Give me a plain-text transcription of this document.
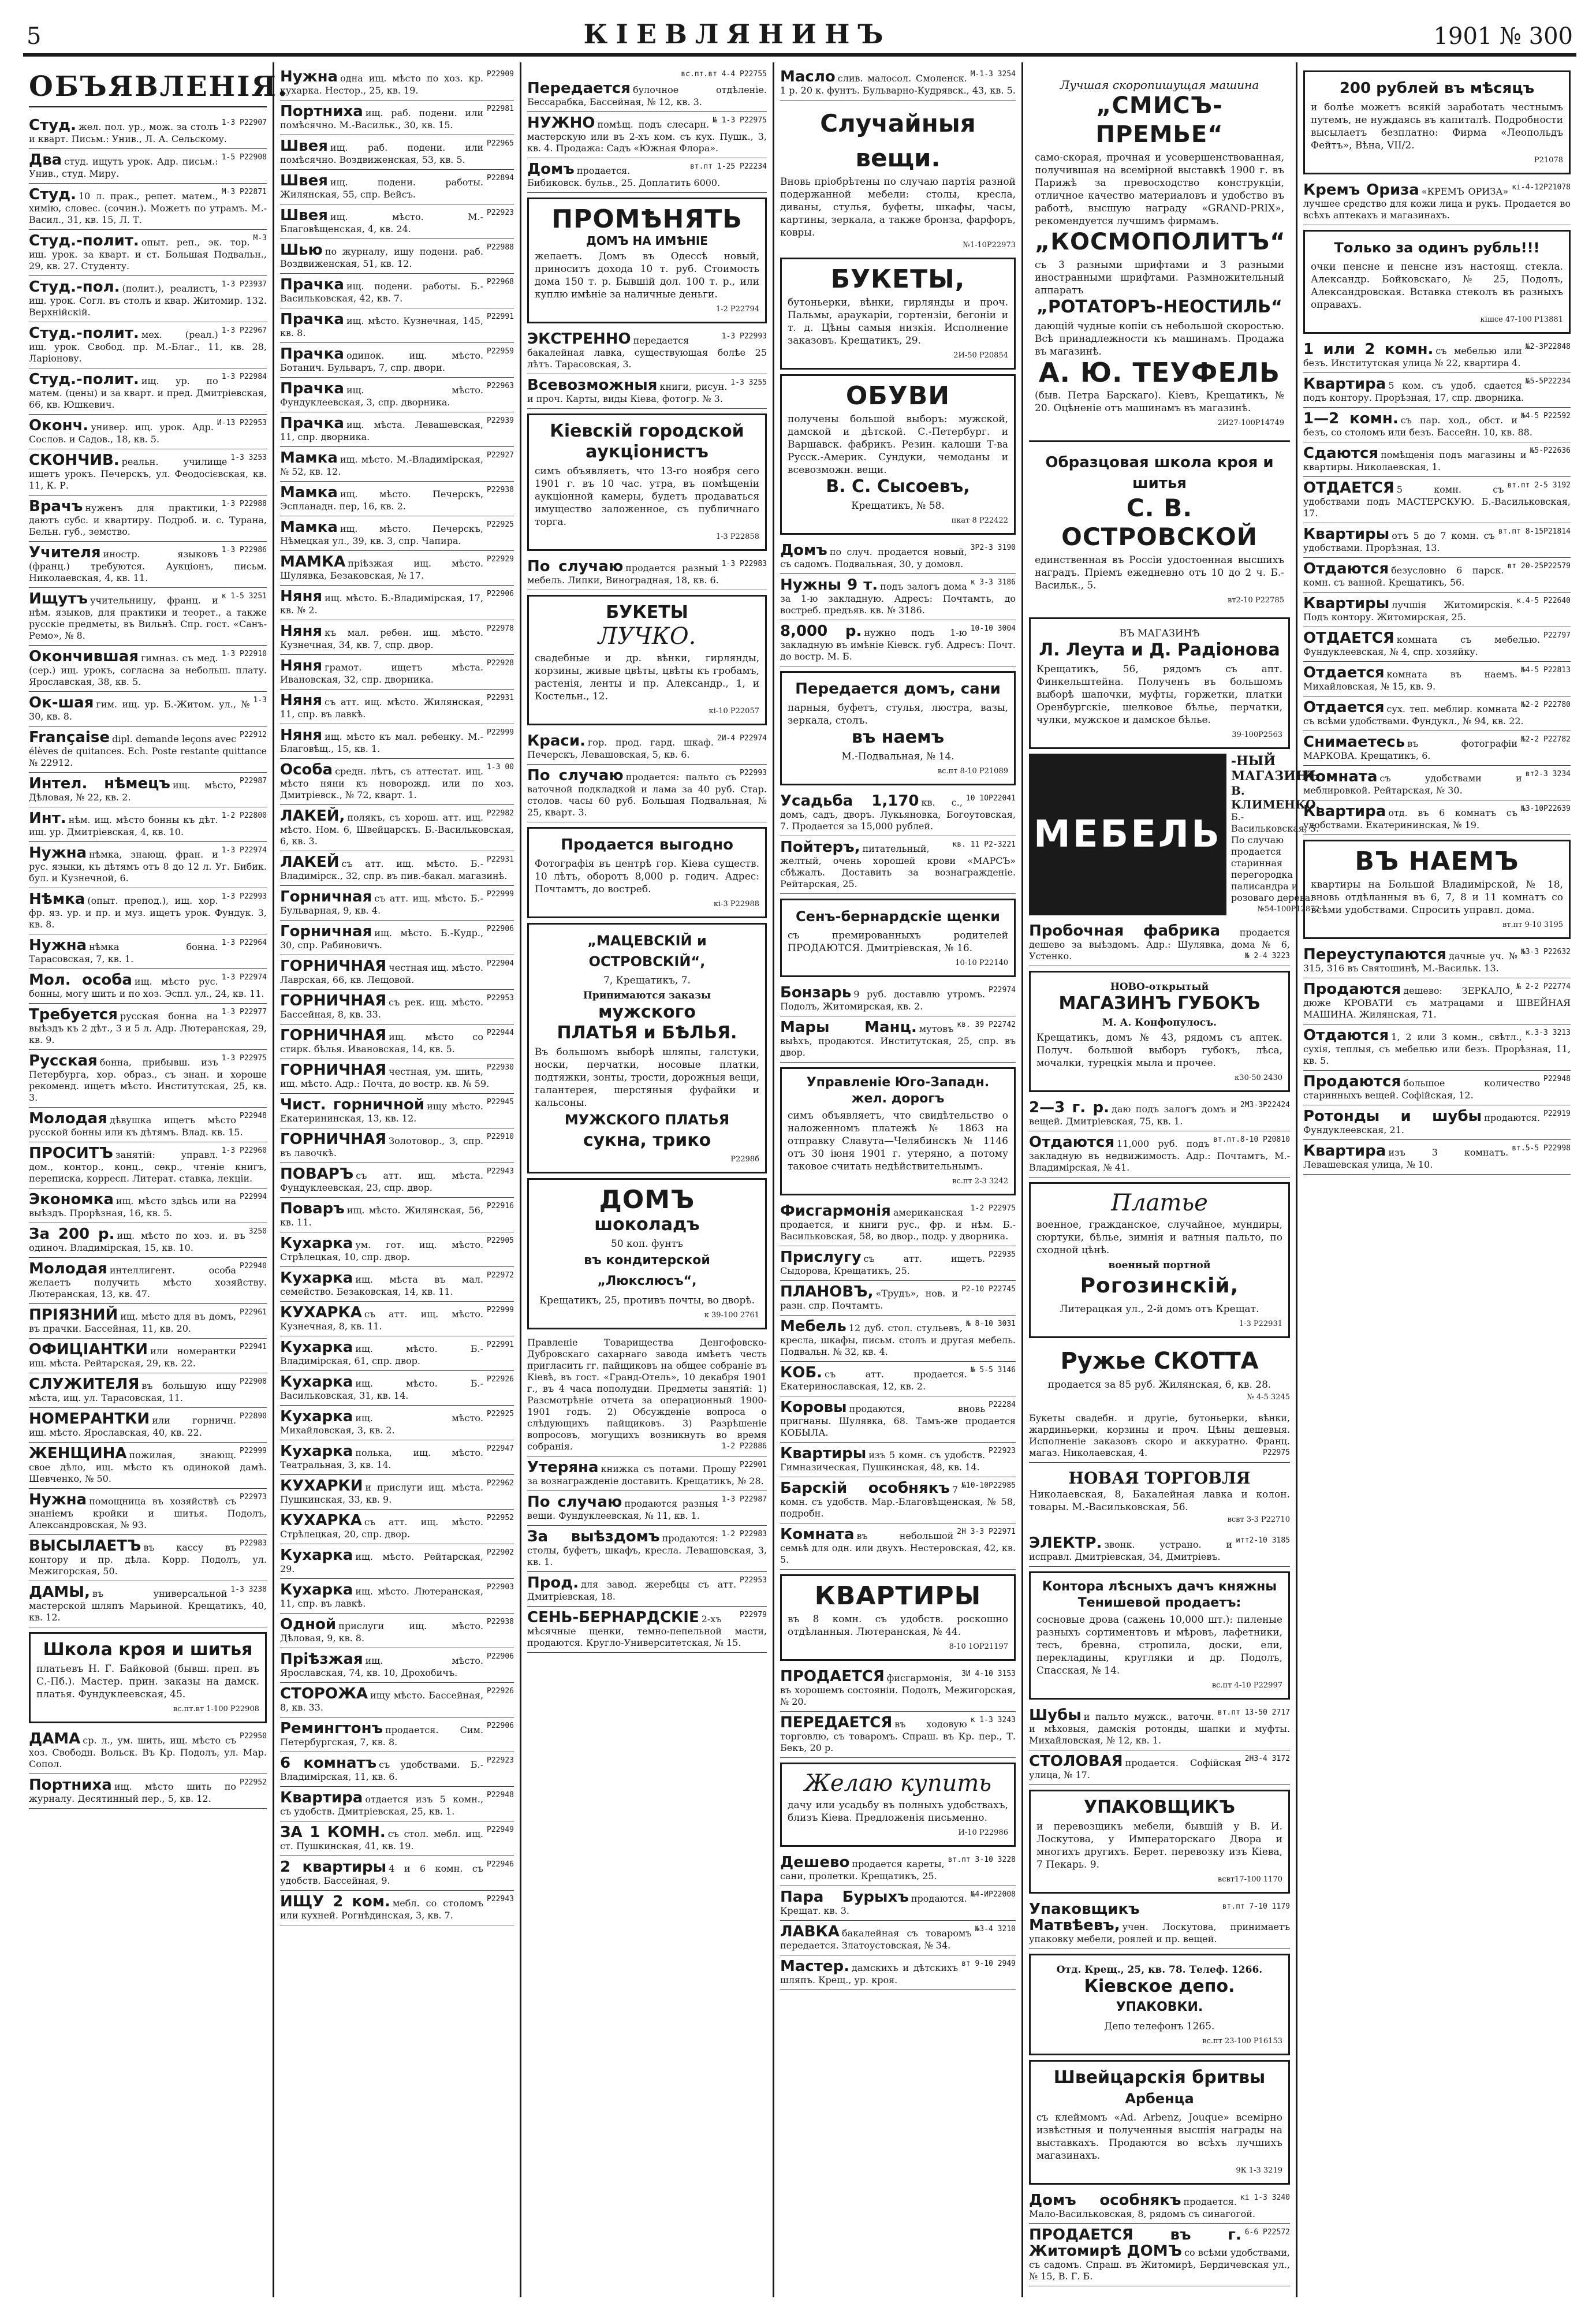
5	КІЕВЛЯНИНЪ	1901 № 300
ОБЪЯВЛЕНІЯ.
1-3 Р22907
Студ. жел. пол. ур., мож. за столъ и кварт. Письм.: Унив., Л. А. Сельскому.
1-5 Р22908
Два студ. ищутъ урок. Адр. письм.: Унив., студ. Миру.
М-3 Р22871
Студ. 10 л. прак., репет. матем., химію, словес. (сочин.). Можетъ по утрамъ. М.-Васил., 31, кв. 15, Л. Т.
М-3
Студ.-полит. опыт. реп., эк. тор. ищ. урок. за кварт. и ст. Большая Подвальн., 29, кв. 27. Студенту.
1-3 Р23937
Студ.-пол. (полит.), реалистъ, ищ. урок. Согл. въ столъ и квар. Житомир. 132. Верхнійскій.
1-3 Р22967
Студ.-полит. мех. (реал.) ищ. урок. Свобод. пр. М.-Благ., 11, кв. 28, Ларіонову.
1-3 Р22984
Студ.-полит. ищ. ур. по матем. (цены) и за кварт. и пред. Дмитріевская, 66, кв. Юшкевич.
И-13 Р22953
Оконч. универ. ищ. урок. Адр. Сослов. и Садов., 18, кв. 5.
1-3 3253
СКОНЧИВ. реальн. училище ищетъ урокъ. Печерскъ, ул. Феодосієвская, кв. 11, К. Р.
1-3 Р22988
Врачъ нуженъ для практики, даютъ субс. и квартиру. Подроб. и. с. Турана, Бельн. губ., земство.
1-3 Р22986
Учителя иностр. языковъ (франц.) требуются. Аукціонъ, письм. Николаевская, 4, кв. 11.
к 1-5 3251
Ищутъ учительницу, франц. и нѣм. языков, для практики и теорет., а также русскіе предметы, въ Вильнѣ. Спр. гост. «Санъ-Ремо», № 8.
1-3 Р22910
Окончившая гимназ. съ мед. (сер.) ищ. урокъ, согласна за небольш. плату. Ярославская, 38, кв. 5.
1-3
Ок-шая гим. ищ. ур. Б.-Житом. ул., № 30, кв. 8.
Р22912
Française dipl. demande leçons avec élèves de quitances. Ech. Poste restante quittance № 22912.
Р22987
Интел. нѣмецъ ищ. мѣсто, Дѣловая, № 22, кв. 2.
1-2 Р22800
Инт. нѣм. ищ. мѣсто бонны къ дѣт. ищ. ур. Дмитріевская, 4, кв. 10.
1-3 Р22974
Нужна нѣмка, знающ. фран. и рус. языки, къ дѣтямъ отъ 8 до 12 л. Уг. Бибик. бул. и Кузнечной, 6.
1-3 Р22993
Нѣмка (опыт. препод.), ищ. хор. фр. яз. ур. и пр. и муз. ищетъ урок. Фундук. 3, кв. 8.
1-3 Р22964
Нужна нѣмка бонна. Тарасовская, 7, кв. 1.
1-3 Р22974
Мол. особа ищ. мѣсто рус. бонны, могу шить и по хоз. Эспл. ул., 24, кв. 11.
1-3 Р22977
Требуется русская бонна на выѣздъ къ 2 дѣт., 3 и 5 л. Адр. Лютеранская, 29, кв. 9.
1-3 Р22975
Русская бонна, прибывш. изъ Петербурга, хор. образ., съ знан. и хороше рекоменд. ищетъ мѣсто. Институтская, 25, кв. 3.
Р22948
Молодая дѣвушка ищетъ мѣсто русской бонны или къ дѣтямъ. Влад. кв. 15.
1-3 Р22960
ПРОСИТЪ занятій: управл. дом., контор., конц., секр., чтеніе книгъ, переписка, корресп. Литерат. ставка, лекціи.
Р22994
Экономка ищ. мѣсто здѣсь или на выѣздъ. Прорѣзная, 16, кв. 5.
3250
За 200 р. ищ. мѣсто по хоз. и. въ одиноч. Владимірская, 15, кв. 10.
Р22940
Молодая интеллигент. особа желаетъ получить мѣсто хозяйству. Лютеранская, 13, кв. 47.
Р22961
ПРІЯЗНИЙ ищ. мѣсто для въ домъ, въ прачки. Бассейная, 11, кв. 20.
Р22941
ОФИЦІАНТКИ или номерантки ищ. мѣста. Рейтарская, 29, кв. 22.
Р22908
СЛУЖИТЕЛЯ въ большую ищу мѣста, ищ. ул. Тарасовская, 11.
Р22890
НОМЕРАНТКИ или горничн. ищ. мѣсто. Ярославская, 40, кв. 22.
Р22999
ЖЕНЩИНА пожилая, знающ. свое дѣло, ищ. мѣсто къ одинокой дамѣ. Шевченко, № 50.
Р22973
Нужна помощница въ хозяйствѣ съ знаніемъ кройки и шитья. Подолъ, Александровская, № 93.
Р22983
ВЫСЫЛАЕТЪ въ кассу въ контору и пр. дѣла. Корр. Подолъ, ул. Межигорская, 50.
1-3 3238
ДАМЫ, въ универсальной мастерской шляпъ Марьиной. Крещатикъ, 40, кв. 12.
Школа кроя и шитья
платьевъ Н. Г. Байковой (бывш. преп. въ С.-Пб.). Мастер. прин. заказы на дамск. платья. Фундуклеевская, 45.
вс.пт.вт 1-100 Р22908
Р22950
ДАМА ср. л., ум. шить, ищ. мѣсто съ хоз. Свободн. Вольск. Въ Кр. Подолъ, ул. Мар. Сопол.
Р22952
Портниха ищ. мѣсто шить по журналу. Десятинный пер., 5, кв. 12.
Р22909
Нужна одна ищ. мѣсто по хоз. кр. кухарка. Нестор., 25, кв. 19.
Р22981
Портниха ищ. раб. подени. или помѣсячно. М.-Васильк., 30, кв. 15.
Р22965
Швея ищ. раб. подени. или помѣсячно. Воздвиженская, 53, кв. 5.
Р22894
Швея ищ. подени. работы. Жилянская, 55, спр. Вейсъ.
Р22923
Швея ищ. мѣсто. М.-Благовѣщенская, 4, кв. 24.
Р22988
Шью по журналу, ищу подени. раб. Воздвиженская, 51, кв. 12.
Р22968
Прачка ищ. подени. работы. Б.-Васильковская, 42, кв. 7.
Р22991
Прачка ищ. мѣсто. Кузнечная, 145, кв. 8.
Р22959
Прачка одинок. ищ. мѣсто. Ботанич. Бульваръ, 7, спр. двори.
Р22963
Прачка ищ. мѣсто. Фундуклеевская, 3, спр. дворника.
Р22939
Прачка ищ. мѣста. Левашевская, 11, спр. дворника.
Р22927
Мамка ищ. мѣсто. М.-Владимірская, № 52, кв. 12.
Р22938
Мамка ищ. мѣсто. Печерскъ, Эспланадн. пер, 16, кв. 2.
Р22925
Мамка ищ. мѣсто. Печерскъ, Нѣмецкая ул., 39, кв. 3, спр. Чапира.
Р22929
МАМКА пріѣзжая ищ. мѣсто. Шулявка, Безаковская, № 17.
Р22906
Няня ищ. мѣсто. Б.-Владимірская, 17, кв. № 2.
Р22978
Няня къ мал. ребен. ищ. мѣсто. Кузнечная, 34, кв. 7, спр. двор.
Р22928
Няня грамот. ищетъ мѣста. Ивановская, 32, спр. дворника.
Р22931
Няня съ атт. ищ. мѣсто. Жилянская, 11, спр. въ лавкѣ.
Р22999
Няня ищ. мѣсто къ мал. ребенку. М.-Благовѣщ., 15, кв. 1.
1-3 00
Особа средн. лѣтъ, съ аттестат. ищ. мѣсто няни къ новорожд. или по хоз. Дмитріевск., № 72, кварт. 1.
Р22982
ЛАКЕЙ, полякъ, съ хорош. атт. ищ. мѣсто. Ном. 6, Швейцарскъ. Б.-Васильковская, 6, кв. 3.
Р22931
ЛАКЕЙ съ атт. ищ. мѣсто. Б.-Владимірск., 32, спр. въ пив.-бакал. магазинѣ.
Р22999
Горничная съ атт. ищ. мѣсто. Б.-Бульварная, 9, кв. 4.
Р22906
Горничная ищ. мѣсто. Б.-Кудр., 30, спр. Рабиновичъ.
Р22904
ГОРНИЧНАЯ честная ищ. мѣсто. Лаврская, 66, кв. Лещовой.
Р22953
ГОРНИЧНАЯ съ рек. ищ. мѣсто. Бассейная, 8, кв. 33.
Р22944
ГОРНИЧНАЯ ищ. мѣсто со стирк. бѣлья. Ивановская, 14, кв. 5.
Р22930
ГОРНИЧНАЯ честная, ум. шить, ищ. мѣсто. Адр.: Почта, до востр. кв. № 59.
Р22945
Чист. горничной ищу мѣсто. Екатерининская, 13, кв. 12.
Р22910
ГОРНИЧНАЯ Золотовор., 3, спр. въ лавочкѣ.
Р22943
ПОВАРЪ съ атт. ищ. мѣста. Фундуклеевская, 23, спр. двор.
Р22916
Поваръ ищ. мѣсто. Жилянская, 56, кв. 11.
Р22905
Кухарка ум. гот. ищ. мѣсто. Стрѣлецкая, 10, спр. двор.
Р22972
Кухарка ищ. мѣста въ мал. семейство. Безаковская, 14, кв. 11.
Р22999
КУХАРКА съ атт. ищ. мѣсто. Кузнечная, 8, кв. 11.
Р22991
Кухарка ищ. мѣсто. Б.-Владимірская, 61, спр. двор.
Р22926
Кухарка ищ. мѣсто. Б.-Васильковская, 31, кв. 14.
Р22925
Кухарка ищ. мѣсто. Михайловская, 3, кв. 2.
Р22947
Кухарка полька, ищ. мѣсто. Театральная, 3, кв. 14.
Р22962
КУХАРКИ и прислуги ищ. мѣста. Пушкинская, 33, кв. 9.
Р22952
КУХАРКА съ атт. ищ. мѣсто. Стрѣлецкая, 20, спр. двор.
Р22902
Кухарка ищ. мѣсто. Рейтарская, 29.
Р22903
Кухарка ищ. мѣсто. Лютеранская, 11, спр. въ лавкѣ.
Р22938
Одной прислуги ищ. мѣсто. Дѣловая, 9, кв. 8.
Р22906
Пріѣзжая ищ. мѣсто. Ярославская, 74, кв. 10, Дрохобичъ.
Р22926
СТОРОЖА ищу мѣсто. Бассейная, 8, кв. 33.
Р22906
Ремингтонъ продается. Сим. Петербургская, 7, кв. 8.
Р22923
6 комнатъ съ удобствами. Б.-Владимірская, 11, кв. 6.
Р22948
Квартира отдается изъ 5 комн., съ удобств. Дмитріевская, 25, кв. 1.
Р22949
ЗА 1 КОМН. съ стол. мебл. ищ. ст. Пушкинская, 41, кв. 19.
Р22946
2 квартиры 4 и 6 комн. съ удобств. Бассейная, 9.
Р22943
ИЩУ 2 ком. мебл. со столомъ или кухней. Рогнѣдинская, 3, кв. 7.
вс.пт.вт 4-4 Р22755
Передается булочное отдѣленіе. Бессарабка, Бассейная, № 12, кв. 3.
№ 1-3 Р22975
НУЖНО помѣщ. подъ слесарн. мастерскую или въ 2-хъ ком. съ кух. Пушк., 3, кв. 4. Продажа: Садъ «Южная Флора».
вт.пт 1-25 Р22234
Домъ продается. Бибиковск. бульв., 25. Доплатить 6000.
ПРОМѢНЯТЬ
ДОМЪ НА ИМѢНІЕ
желаетъ. Домъ въ Одессѣ новый, приноситъ дохода 10 т. руб. Стоимость дома 150 т. р. Бывшій дол. 100 т. р., или куплю имѣніе за наличные деньги.
1-2 Р22794
1-3 Р22993
ЭКСТРЕННО передается бакалейная лавка, существующая болѣе 25 лѣтъ. Тарасовская, 3.
1-3 3255
Всевозможныя книги, рисун. и проч. Карты, виды Кіева, фотогр. № 3.
Кіевскій городской аукціонистъ
симъ объявляетъ, что 13-го ноября сего 1901 г. въ 10 час. утра, въ помѣщеніи аукціонной камеры, будетъ продаваться имущество заложенное, съ публичнаго торга.
1-3 Р22858
1-3 Р22983
По случаю продается разный мебель. Липки, Виноградная, 18, кв. 6.
БУКЕТЫ
ЛУЧКО.
свадебные и др. вѣнки, гирлянды, корзины, живые цвѣты, цвѣты къ гробамъ, растенія, ленты и пр. Александр., 1, и Костельн., 12.
кі-10 Р22057
2И-4 Р22974
Краси. гор. прод. гард. шкаф. Печерскъ, Левашовская, 5, кв. 6.
Р22993
По случаю продается: пальто съ ваточной подкладкой и лама за 40 руб. Стар. столов. часы 60 руб. Большая Подвальная, № 25, кварт. 3.
Продается выгодно
Фотографія въ центрѣ гор. Кіева существ. 10 лѣтъ, оборотъ 8,000 р. годич. Адрес: Почтамтъ, до востреб.
кі-3 Р22988
„МАЦЕВСКІЙ и ОСТРОВСКІЙ“,
7, Крещатикъ, 7.
Принимаются заказы
мужского
ПЛАТЬЯ и БѢЛЬЯ.
Въ большомъ выборѣ шляпы, галстуки, носки, перчатки, носовые платки, подтяжки, зонты, трости, дорожныя вещи, галантерея, шерстяныя фуфайки и кальсоны.
МУЖСКОГО ПЛАТЬЯ
сукна, трико
Р2298б
ДОМЪ
шоколадъ
50 коп. фунтъ
въ кондитерской „Люкслюсъ“,
Крещатикъ, 25, противъ почты, во дворѣ.
к 39-100 2761
Правленіе Товарищества Денгофовско-Дубровскаго сахарнаго завода имѣетъ честь пригласить гг. пайщиковъ на общее собраніе въ Кіевѣ, въ гост. «Гранд-Отель», 10 декабря 1901 г., въ 4 часа пополудни. Предметы занятій: 1) Разсмотрѣніе отчета за операционный 1900-1901 годъ. 2) Обсужденіе вопроса о слѣдующихъ пайщиковъ. 3) Разрѣшеніе вопросовъ, могущихъ возникнуть во время собранія.	1-2 Р22886
Р22901
Утеряна книжка съ потами. Прошу за вознагражденіе доставить. Крещатикъ, № 28.
1-3 Р22987
По случаю продаются разныя вещи. Фундуклеевская, № 11, кв. 1.
1-2 Р22983
За выѣздомъ продаются: столы, буфетъ, шкафъ, кресла. Левашовская, 3, кв. 1.
Р22953
Прод. для завод. жеребцы съ атт. Дмитріевская, 18.
Р22979
СЕНЬ-БЕРНАРДСКІЕ 2-хъ мѣсячные щенки, темно-пепельной масти, продаются. Кругло-Университетская, № 15.
М-1-3 3254
Масло слив. малосол. Смоленск. 1 р. 20 к. фунтъ. Бульварно-Кудрявск., 43, кв. 5.
Случайныя вещи.
Вновь пріобрѣтены по случаю партія разной подержанной мебели: столы, кресла, диваны, стулья, буфеты, шкафы, часы, картины, зеркала, а также бронза, фарфоръ, ковры.
№1-10Р22973
БУКЕТЫ,
бутоньерки, вѣнки, гирлянды и проч. Пальмы, араукаріи, гортензіи, бегоніи и т. д. Цѣны самыя низкія. Исполнение заказовъ. Крещатикъ, 29.
2И-50 Р20854
ОБУВИ
получены большой выборъ: мужской, дамской и дѣтской. С.-Петербург. и Варшавск. фабрикъ. Резин. калоши Т-ва Русск.-Америк. Сундуки, чемоданы и всевозможн. вещи.
В. С. Сысоевъ,
Крещатикъ, № 58.
пкат 8 Р22422
3Р2-3 3190
Домъ по случ. продается новый, съ садомъ. Подвальная, 30, у домовл.
к 3-3 3186
Нужны 9 т. подъ залогъ дома за 1-ю закладную. Адресъ: Почтамтъ, до востреб. предъяв. кв. № 3186.
10-10 3004
8,000 р. нужно подъ 1-ю закладную въ имѣніе Кіевск. губ. Адресъ: Почт. до востр. М. Б.
Передается домъ, сани
парныя, буфетъ, стулья, люстра, вазы, зеркала, столъ.
въ наемъ
М.-Подвальная, № 14.
вс.пт 8-10 Р21089
10 1ОР22041
Усадьба 1,170 кв. с., домъ, садъ, дворъ. Лукьяновка, Богоутовская, 7. Продается за 15,000 рублей.
кв. 11 Р2-3221
Пойтеръ, питательный, желтый, очень хорошей крови «МАРСЪ» сбѣжалъ. Доставить за вознагражденіе. Рейтарская, 25.
Сенъ-бернардскіе щенки
съ премированныхъ родителей ПРОДАЮТСЯ. Дмитріевская, № 16.
10-10 Р22140
Р22974
Бонзарь 9 руб. доставлю утромъ. Подолъ, Житомирская, кв. 2.
кв. 39 Р22742
Мары Манц. мутовъ выѣхъ, продаются. Институтская, 25, спр. въ двор.
Управленіе Юго-Западн. жел. дорогъ
симъ объявляетъ, что свидѣтельство о наложенномъ платежѣ № 1863 на отправку Славута—Челябинскъ № 1146 отъ 30 іюня 1901 г. утеряно, а потому таковое считать недѣйствительнымъ.
вс.пт 2-3 3242
1-2 Р22975
Фисгармонія американская продается, и книги рус., фр. и нѣм. Б.-Васильковская, 58, во двор., подр. у дворника.
Р22935
Прислугу съ атт. ищетъ. Сыдорова, Крещатикъ, 25.
Р2-10 Р22745
ПЛАНОВЪ, «Трудъ», нов. и разн. спр. Почтамтъ.
№ 8-10 3031
Мебель 12 дуб. стол. стульевъ, кресла, шкафы, письм. столъ и другая мебель. Подвальн. № 32, кв. 4.
№ 5-5 3146
КОБ. съ атт. продается. Екатеринославская, 12, кв. 2.
Р22284
Коровы продаются, вновь пригнаны. Шулявка, 68. Тамъ-же продается КОБЫЛА.
Р22923
Квартиры изъ 5 комн. съ удобств. Гимназическая, Пушкинская, 48, кв. 14.
№10-10Р22985
Барскій особнякъ 7 комн. съ удобств. Мар.-Благовѣщенская, № 58, подробн.
2Н 3-3 Р22971
Комната въ небольшой семьѣ для одн. или двухъ. Нестеровская, 42, кв. 5.
КВАРТИРЫ
въ 8 комн. съ удобств. роскошно отдѣланныя. Лютеранская, № 44.
8-10 1ОР21197
3И 4-10 3153
ПРОДАЕТСЯ фисгармонія, въ хорошемъ состояніи. Подолъ, Межигорская, № 20.
к 1-3 3243
ПЕРЕДАЕТСЯ въ ходовую торговлю, съ товаромъ. Спраш. въ Кр. пер., Т. Бекъ, 20 р.
Желаю купить
дачу или усадьбу въ полныхъ удобствахъ, близъ Кіева. Предложенія письменно.
И-10 Р22986
вт.пт 3-10 3228
Дешево продается кареты, сани, пролетки. Крещатикъ, 25.
№4-ИР22008
Пара Бурыхъ продаются. Крещат. кв. 3.
№3-4 3210
ЛАВКА бакалейная съ товаромъ передается. Златоустовская, № 34.
вт 9-10 2949
Мастер. дамскихъ и дѣтскихъ шляпъ. Крещ., ур. кроя.
Лучшая скоропишущая машина
„СМИСЪ-ПРЕМЬЕ“
само-скорая, прочная и усовершенствованная, получившая на всемірной выставкѣ 1900 г. въ Парижѣ за превосходство конструкціи, отличное качество материаловъ и удобство въ работѣ, высшую награду «GRAND-PRIX», рекомендуется лучшимъ фирмамъ.
„КОСМОПОЛИТЪ“
съ 3 разными шрифтами и 3 разными иностранными шрифтами. Размножительный аппаратъ
„РОТАТОРЪ-НЕОСТИЛЬ“
дающій чудные копіи съ небольшой скоростью. Всѣ принадлежности къ машинамъ. Продажа въ магазинѣ.
А. Ю. ТЕУФЕЛЬ
(быв. Петра Барскаго). Кіевъ, Крещатикъ, № 20. Оцѣненіе отъ машинамъ въ магазинѣ.
2И27-100Р14749
Образцовая школа кроя и шитья
С. В. ОСТРОВСКОЙ
единственная въ Россіи удостоенная высшихъ наградъ. Пріемъ ежедневно отъ 10 до 2 ч. Б.-Васильк., 5.
вт2-10 Р22785
ВЪ МАГАЗИНѢ
Л. Леута и Д. Радіонова
Крещатикъ, 56, рядомъ съ апт. Финкельштейна. Полученъ въ большомъ выборѣ шапочки, муфты, горжетки, платки Оренбургскіе, шелковое бѣлье, перчатки, чулки, мужское и дамское бѣлье.
39-100Р2563
МЕБЕЛЬ
-НЫЙ МАГАЗИНЪ
В. КЛИМЕНКО.
Б.-Васильковская, 5. По случаю продается старинная перегородка палисандра и розоваго дерева.
№54-100Р12872
Пробочная фабрика продается дешево за выѣздомъ. Адр.: Шулявка, дома № 6, Устенко.	№ 2-4 3223
НОВО-открытый
МАГАЗИНЪ ГУБОКЪ
М. А. Конфопулосъ.
Крещатикъ, домъ № 43, рядомъ съ аптек. Получ. большой выборъ губокъ, лѣса, мочалки, турецкія мыла и прочее.
к30-50 2430
2М3-3Р22424
2—3 г. р. даю подъ залогъ домъ и вещей. Дмитріевская, 75, кв. 1.
вт.пт.8-10 Р20810
Отдаются 11,000 руб. подъ закладную въ недвижимость. Адр.: Почтамтъ, М.-Владимірская, № 41.
Платье
военное, гражданское, случайное, мундиры, сюртуки, бѣлье, зимнія и ватныя пальто, по сходной цѣнѣ.
военный портной
Рогозинскій,
Литерацкая ул., 2-й домъ отъ Крещат.
1-3 Р22931
Ружье СКОТТА
продается за 85 руб. Жилянская, 6, кв. 28.
№ 4-5 3245
Букеты свадебн. и другіе, бутоньерки, вѣнки, жардиньерки, корзины и проч. Цѣны дешевыя. Исполненіе заказовъ скоро и аккуратно. Франц. магаз. Николаевская, 4.	Р22975
НОВАЯ ТОРГОВЛЯ
Николаевская, 8, Бакалейная лавка и колон. товары. М.-Васильковская, 56.
всвт 3-3 Р22710
итт2-10 3185
ЭЛЕКТР. звонк. устрано. и исправл. Дмитріевская, 34, Дмитріевъ.
Контора лѣсныхъ дачъ княжны Тенишевой продаетъ:
сосновые дрова (сажень 10,000 шт.): пиленые разныхъ сортиментовъ и мѣровъ, лафетники, тесъ, бревна, стропила, доски, ели, перекладины, кругляки и др. Подолъ, Спасская, № 14.
вс.пт 4-10 Р22997
вт.пт 13-50 2717
Шубы и пальто мужск., ваточн. и мѣховыя, дамскія ротонды, шапки и муфты. Михайловская, № 12, кв. 1.
2Н3-4 3172
СТОЛОВАЯ продается. Софійская улица, № 17.
УПАКОВЩИКЪ
и перевозщикъ мебели, бывшій у В. И. Лоскутова, у Императорскаго Двора и многихъ другихъ. Берет. перевозку изъ Кіева, 7 Пекарь. 9.
всвт17-100 1170
вт.пт 7-10 1179
Упаковщикъ Матвѣевъ, учен. Лоскутова, принимаетъ упаковку мебели, роялей и пр. вещей.
Отд. Крещ., 25, кв. 78. Телеф. 1266.
Кіевское депо.
УПАКОВКИ.
Депо телефонъ 1265.
вс.пт 23-100 Р16153
Швейцарскія бритвы
Арбенца
съ клеймомъ «Ad. Arbenz, Jouque» всемірно извѣстныя и полученныя высшія награды на выставкахъ. Продаются во всѣхъ лучшихъ магазинахъ.
9К 1-3 3219
кі 1-3 3240
Домъ особнякъ продается. Мало-Васильковская, 8, рядомъ съ синагогой.
6-6 Р22572
ПРОДАЕТСЯ въ г. Житомирѣ ДОМЪ со всѣми удобствами, съ садомъ. Спраш. въ Житомирѣ, Бердичевская ул., № 15, В. Г. Б.
200 рублей въ мѣсяцъ
и болѣе можетъ всякій заработать честнымъ путемъ, не нуждаясь въ капиталѣ. Подробности высылаетъ безплатно: Фирма «Леопольдъ Фейтъ», Вѣна, VII/2.
Р21078
кі-4-12Р21078
Кремъ Ориза «КРЕМЪ ОРИЗА» лучшее средство для кожи лица и рукъ. Продается во всѣхъ аптекахъ и магазинахъ.
Только за одинъ рубль!!!
очки пенсне и пенсне изъ настоящ. стекла. Александр. Бойковскаго, № 25, Подолъ, Александровская. Вставка стеколъ въ разныхъ оправахъ.
кішсе 47-100 Р13881
№2-3Р22848
1 или 2 комн. съ мебелью или безъ. Институтская улица № 22, квартира 4.
№5-5Р22234
Квартира 5 ком. съ удоб. сдается подъ контору. Прорѣзная, 17, спр. дворника.
№4-5 Р22592
1—2 комн. съ пар. ход., обст. и безъ, со столомъ или безъ. Бассейн. 10, кв. 88.
№5-Р22636
Сдаются помѣщенія подъ магазины и квартиры. Николаевская, 1.
вт.пт 2-5 3192
ОТДАЕТСЯ 5 комн. съ удобствами подъ МАСТЕРСКУЮ. Б.-Васильковская, 17.
вт.пт 8-15Р21814
Квартиры отъ 5 до 7 комн. съ удобствами. Прорѣзная, 13.
вт 20-25Р22579
Отдаются безусловно 6 парск. комн. съ ванной. Крещатикъ, 56.
к.4-5 Р22640
Квартиры лучшія Житомирскія. Подъ контору. Житомирская, 25.
Р22797
ОТДАЕТСЯ комната съ мебелью. Фундуклеевская, № 4, спр. хозяйку.
№4-5 Р22813
Отдается комната въ наемъ. Михайловская, № 15, кв. 9.
№2-2 Р22780
Отдается сух. теп. меблир. комната съ всѣми удобствами. Фундукл., № 94, кв. 22.
№2-2 Р22782
Снимаетесь въ фотографіи МАРКОВА. Крещатикъ, 6.
вт2-3 3234
Комната съ удобствами и меблировкой. Рейтарская, № 30.
№3-10Р22639
Квартира отд. въ 6 комнатъ съ удобствами. Екатерининская, № 19.
ВЪ НАЕМЪ
квартиры на Большой Владимірской, № 18, вновь отдѣланныя въ 6, 7, 8 и 11 комнатъ со всѣми удобствами. Спросить управл. дома.
вт.пт 9-10 3195
№3-3 Р22632
Переуступаются дачные уч. № 315, 316 въ Святошинѣ, М.-Васильк. 13.
№ 2-2 Р22774
Продаются дешево: ЗЕРКАЛО, дюже КРОВАТИ съ матрацами и ШВЕЙНАЯ МАШИНА. Жилянская, 71.
к.3-3 3213
Отдаются 1, 2 или 3 комн., свѣтл., сухія, теплыя, съ мебелью или безъ. Прорѣзная, 11, кв. 5.
Р22948
Продаются большое количество старинныхъ вещей. Софійская, 12.
Р22919
Ротонды и шубы продаются. Фундуклеевская, 21.
вт.5-5 Р22998
Квартира изъ 3 комнатъ. Левашевская улица, № 10.
